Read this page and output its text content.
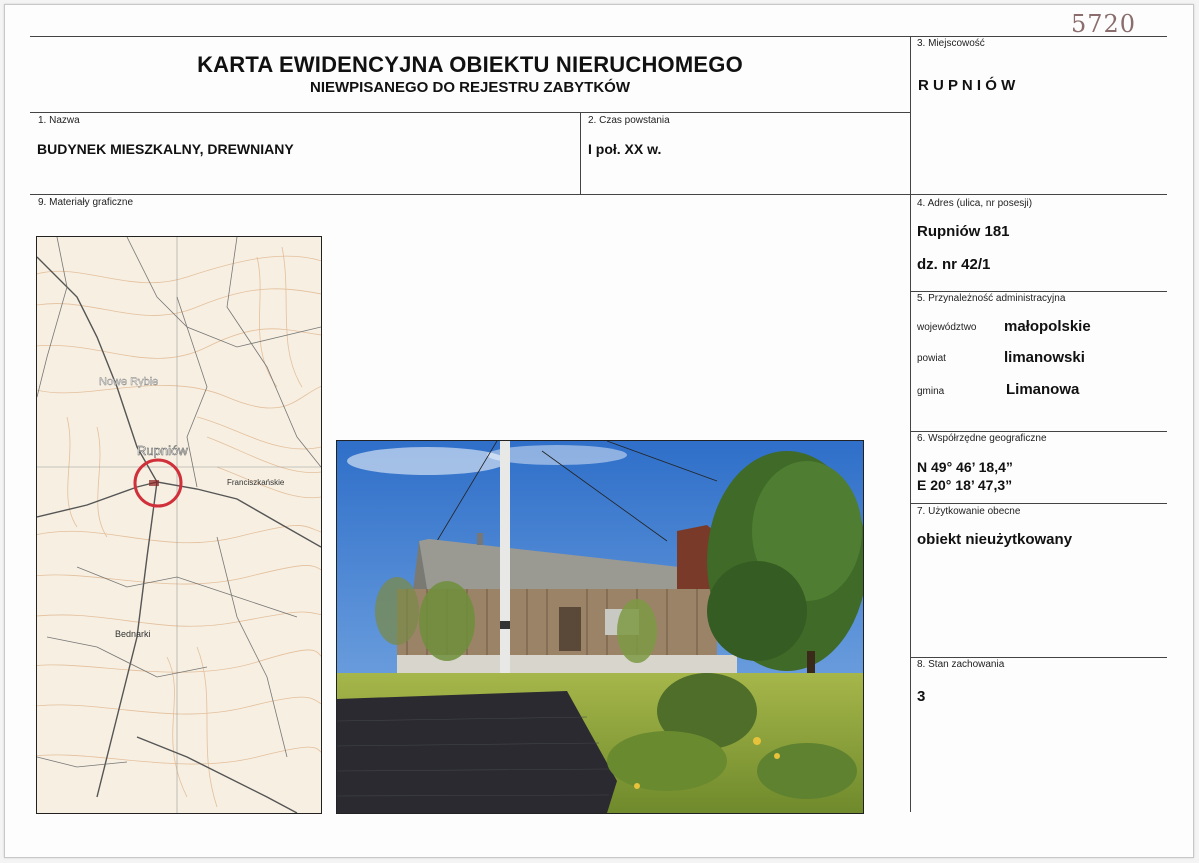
5720
KARTA EWIDENCYJNA OBIEKTU NIERUCHOMEGO
NIEWPISANEGO DO REJESTRU ZABYTKÓW
3. Miejscowość
R U P N I Ó W
1. Nazwa
BUDYNEK MIESZKALNY, DREWNIANY
2. Czas powstania
I poł. XX w.
9. Materiały graficzne	4. Adres (ulica, nr posesji)
Rupniów 181
dz. nr 42/1
5. Przynależność administracyjna
województwo małopolskie
powiat	limanowski
gmina	Limanowa
6. Współrzędne geograficzne
N 49° 46’ 18,4”
E 20° 18’ 47,3”
7. Użytkowanie obecne
obiekt nieużytkowany
8. Stan zachowania
3
Nowe Rybie
Rupniów
Franciszkańskie
Bednarki
